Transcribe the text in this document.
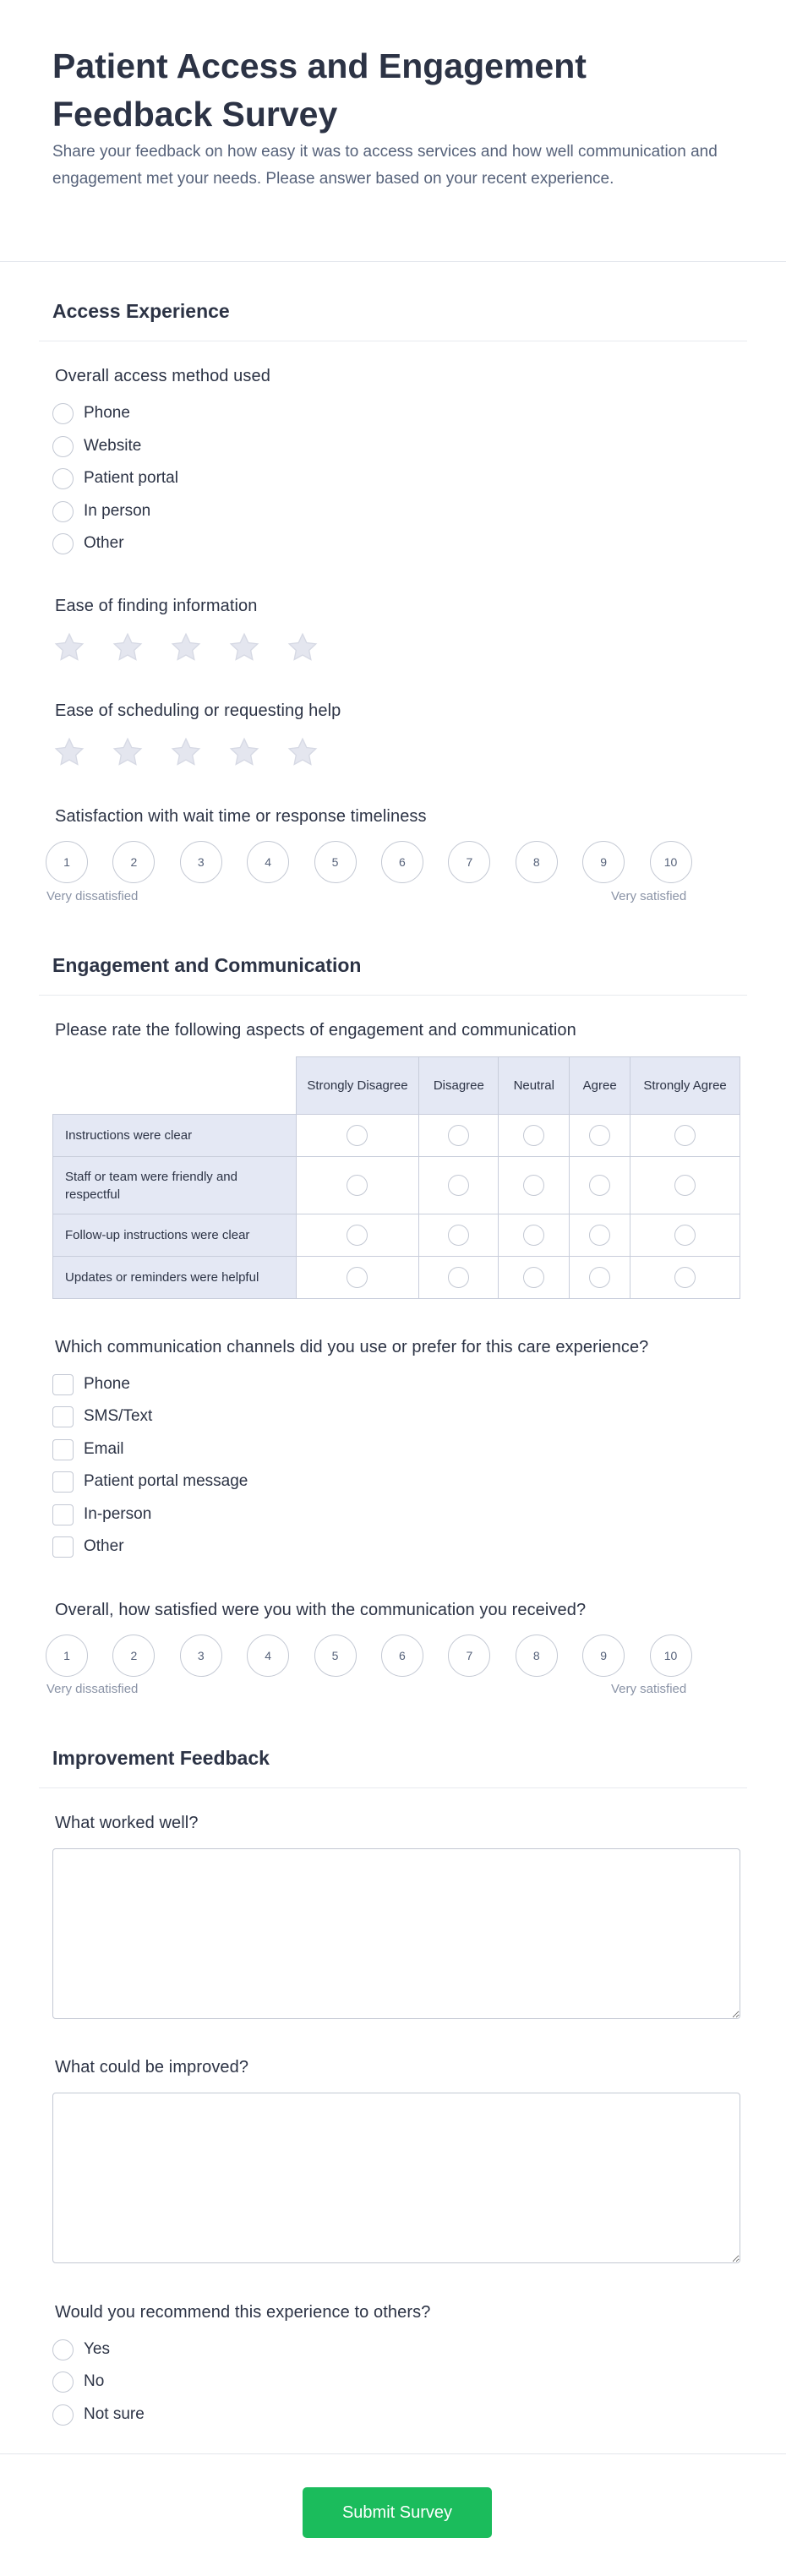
Patient Access and Engagement Feedback Survey

Share your feedback on how easy it was to access services and how well communication and engagement met your needs. Please answer based on your recent experience.

Access Experience
Overall access method used
Phone
Website
Patient portal
In person
Other
Ease of finding information
Ease of scheduling or requesting help
Satisfaction with wait time or response timeliness
1	2	3	4	5	6	7	8	9	10
Very dissatisfied	Very satisfied
Engagement and Communication
Please rate the following aspects of engagement and communication
	Strongly Disagree	Disagree	Neutral	Agree	Strongly Agree
Instructions were clear					
Staff or team were friendly and respectful					
Follow-up instructions were clear					
Updates or reminders were helpful					
Which communication channels did you use or prefer for this care experience?
Phone
SMS/Text
Email
Patient portal message
In-person
Other
Overall, how satisfied were you with the communication you received?
1	2	3	4	5	6	7	8	9	10
Very dissatisfied	Very satisfied
Improvement Feedback
What worked well?
What could be improved?
Would you recommend this experience to others?
Yes
No
Not sure
Submit Survey
